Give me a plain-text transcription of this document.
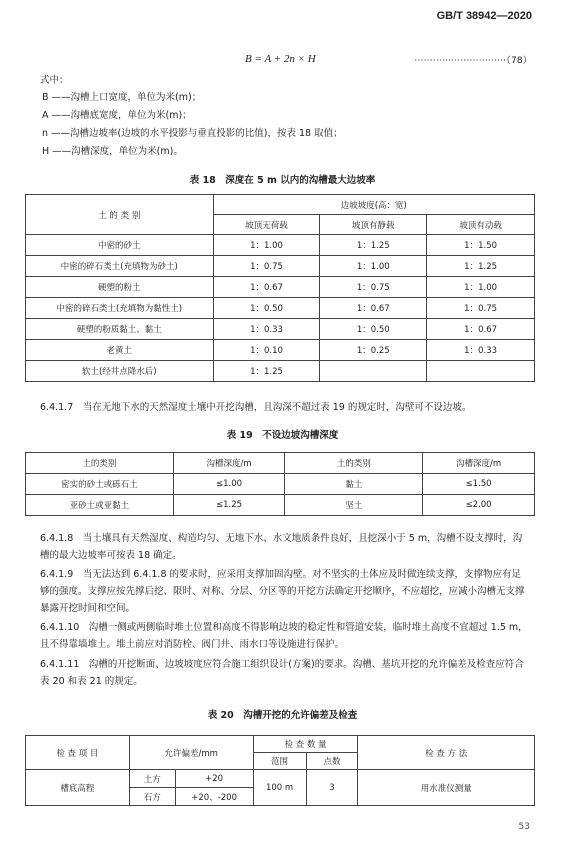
GB/T 38942—2020
B = A + 2n × H	······························（78）
式中：
B ——沟槽上口宽度，单位为米(m)；
A ——沟槽底宽度，单位为米(m)；
n ——沟槽边坡率(边坡的水平投影与垂直投影的比值)，按表 18 取值；
H ——沟槽深度，单位为米(m)。
表 18　深度在 5 m 以内的沟槽最大边坡率
土 的 类 别	边坡坡度(高：宽)		
	坡顶无荷载	坡顶有静载	坡顶有动载
中密的砂土	1：1.00	1：1.25	1：1.50
中密的碎石类土(充填物为砂土)	1：0.75	1：1.00	1：1.25
硬塑的粉土	1：0.67	1：0.75	1：1.00
中密的碎石类土(充填物为黏性土)	1：0.50	1：0.67	1：0.75
硬塑的粉质黏土、黏土	1：0.33	1：0.50	1：0.67
老黄土	1：0.10	1：0.25	1：0.33
软土(经井点降水后)	1：1.25		
6.4.1.7　当在无地下水的天然湿度土壤中开挖沟槽，且沟深不超过表 19 的规定时，沟壁可不设边坡。
表 19　不设边坡沟槽深度
土的类别	沟槽深度/m	土的类别	沟槽深度/m
密实的砂土或砾石土	≤1.00	黏土	≤1.50
亚砂土或亚黏土	≤1.25	坚土	≤2.00
6.4.1.8　当土壤具有天然湿度、构造均匀、无地下水、水文地质条件良好，且挖深小于 5 m，沟槽不设支撑时，沟槽的最大边坡率可按表 18 确定。
6.4.1.9　当无法达到 6.4.1.8 的要求时，应采用支撑加固沟壁。对不坚实的土体应及时做连续支撑，支撑物应有足够的强度。支撑应按先撑后挖、限时、对称、分层、分区等的开挖方法确定开挖顺序，不应超挖，应减小沟槽无支撑暴露开挖时间和空间。
6.4.1.10　沟槽一侧或两侧临时堆土位置和高度不得影响边坡的稳定性和管道安装，临时堆土高度不宜超过 1.5 m，且不得靠墙堆土。堆土前应对消防栓、阀门井、雨水口等设施进行保护。
6.4.1.11　沟槽的开挖断面、边坡坡度应符合施工组织设计(方案)的要求。沟槽、基坑开挖的允许偏差及检查应符合表 20 和表 21 的规定。
表 20　沟槽开挖的允许偏差及检查
检 查 项 目	允许偏差/mm		检 查 数 量		检 查 方 法
			范围	点数	
槽底高程	土方	+20	100 m	3	用水准仪测量
	石方	+20、-200			
53
